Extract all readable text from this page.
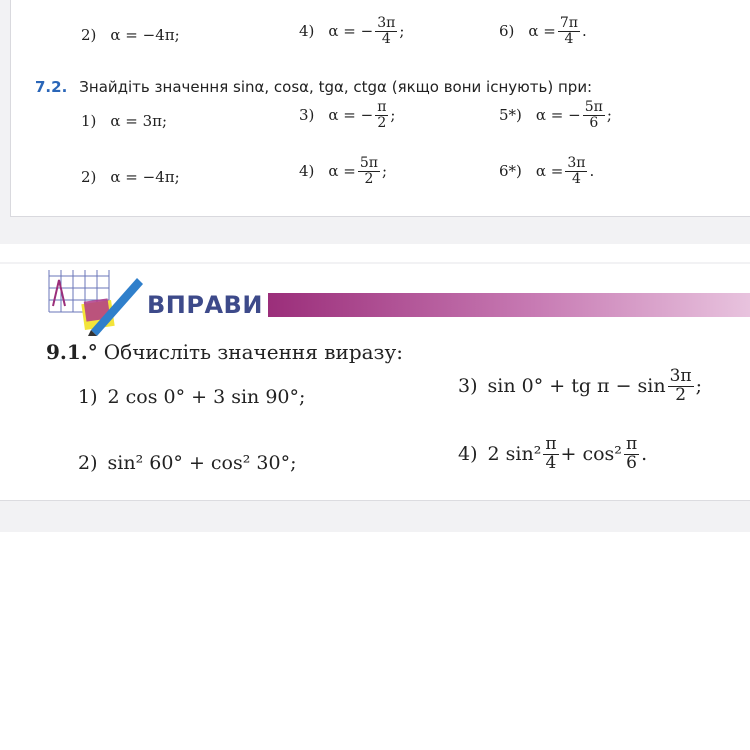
2) α = −4π;	4) α = − $\frac{3\pi}{4}$ ;	6) $\alpha = \frac{7\pi}{4}$ .
7.2. Знайдіть значення sinα, cosα, tgα, ctgα (якщо вони існують) при:
1) α = 3π;	3) α = − $\frac{\pi}{2}$ ;	5*) α = − $\frac{5\pi}{6}$ ;
2) α = −4π;	4) $\alpha = \frac{5\pi}{2}$ ;	6*) $\alpha = \frac{3\pi}{4}$ .
ВПРАВИ
9.1.° Обчисліть значення виразу:
1) 2 cos 0° + 3 sin 90°;	3) sin 0° + tg $\pi - \sin \frac{3\pi}{2}$ ;
2) sin² 60° + cos² 30°;	4) 2 $\sin^2 \frac{\pi}{4} + \cos^2 \frac{\pi}{6}$ .
